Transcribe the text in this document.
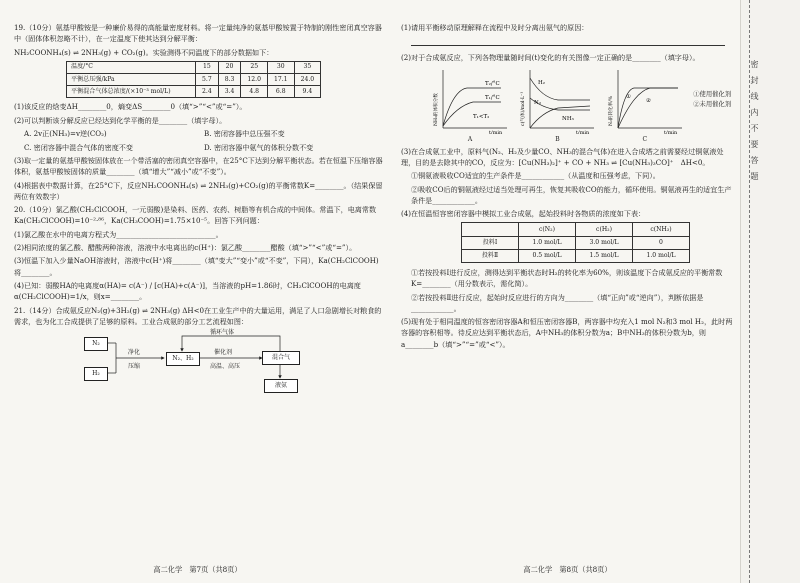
19.（10分）氨基甲酸铵是一种廉价易得的高能量密度材料。将一定量纯净的氨基甲酸铵置于特制的刚性密闭真空容器中（固体体积忽略不计），在一定温度下使其达到分解平衡：

NH₂COONH₄(s) ⇌ 2NH₃(g) + CO₂(g)。实验测得不同温度下的部分数据如下：

温度/°C	15	20	25	30	35
平衡总压强/kPa	5.7	8.3	12.0	17.1	24.0
平衡混合气体总浓度/(×10⁻³ mol/L)	2.4	3.4	4.8	6.8	9.4

(1)该反应的焓变ΔH________0，熵变ΔS________0（填“>”“<”或“=”）。

(2)可以判断该分解反应已经达到化学平衡的是________（填字母）。

A. 2v正(NH₃)=v逆(CO₂)	B. 密闭容器中总压强不变

C. 密闭容器中混合气体的密度不变	D. 密闭容器中氨气的体积分数不变

(3)取一定量的氨基甲酸铵固体放在一个带活塞的密闭真空容器中，在25°C下达到分解平衡状态。若在恒温下压缩容器体积，氨基甲酸铵固体的质量________（填“增大”“减小”或“不变”）。

(4)根据表中数据计算，在25°C下，反应NH₂COONH₄(s) ⇌ 2NH₃(g)+CO₂(g)的平衡常数K=________。（结果保留两位有效数字）

20.（10分）氯乙酸(CH₂ClCOOH，一元弱酸)是染料、医药、农药、树脂等有机合成的中间体。常温下，电离常数Ka(CH₂ClCOOH)=10⁻²·⁸⁶，Ka(CH₃COOH)=1.75×10⁻⁵。回答下列问题：

(1)氯乙酸在水中的电离方程式为____________________________。

(2)相同浓度的氯乙酸、醋酸两种溶液，溶液中水电离出的c(H⁺)：氯乙酸________醋酸（填“>”“<”或“=”）。

(3)恒温下加入少量NaOH溶液时，溶液中c(H⁺)将________（填“变大”“变小”或“不变”，下同），Ka(CH₂ClCOOH)将________。

(4)已知：弱酸HA的电离度α(HA)= c(A⁻) / [c(HA)+c(A⁻)]，当溶液的pH=1.86时，CH₂ClCOOH的电离度α(CH₂ClCOOH)=1/x，则x=________。

21.（14分）合成氨反应N₂(g)+3H₂(g) ⇌ 2NH₃(g) ΔH<0在工业生产中的大量运用，满足了人口急剧增长对粮食的需求，也为化工合成提供了足够的原料。工业合成氨的部分工艺流程如图：

N₂
H₂
净化
压缩
N₂、H₂
循环气体
催化剂
高温、高压
混合气
液氨
高二化学　第7页（共8页）

(1)请用平衡移动原理解释在流程中及时分离出氨气的原因：

(2)对于合成氨反应，下列各物理量随时间(t)变化的有关图像一定正确的是________（填字母）。

T₂/°C
T₁/°C
T₁<T₂
t/min
NH₃的体积分数
A
H₂
N₂
NH₃
t/min
c(气体)/mol·L⁻¹
B
①
②
t/min
N₂的转化率/%
C
①使用催化剂
②未用催化剂

(3)在合成氨工业中，原料气(N₂、H₂及少量CO、NH₃的混合气体)在进入合成塔之前需要经过铜氨液处理，目的是去除其中的CO，反应为：[Cu(NH₃)₂]⁺ + CO + NH₃ ⇌ [Cu(NH₃)₃CO]⁺　ΔH<0。

①铜氨液吸收CO适宜的生产条件是____________（从温度和压强考虑，下同）。

②吸收CO后的铜氨液经过适当处理可再生，恢复其吸收CO的能力，循环使用。铜氨液再生的适宜生产条件是____________。

(4)在恒温恒容密闭容器中模拟工业合成氨，起始投料时各物质的浓度如下表：

	c(N₂)	c(H₂)	c(NH₃)
投料Ⅰ	1.0 mol/L	3.0 mol/L	0
投料Ⅱ	0.5 mol/L	1.5 mol/L	1.0 mol/L

①若按投料Ⅰ进行反应，测得达到平衡状态时H₂的转化率为60%，则该温度下合成氨反应的平衡常数K=________（用分数表示，需化简）。

②若按投料Ⅱ进行反应，起始时反应进行的方向为________（填“正向”或“逆向”），判断依据是____________。

(5)现有处于相同温度的恒容密闭容器A和恒压密闭容器B，两容器中均充入1 mol N₂和3 mol H₂，此时两容器的容积相等。待反应达到平衡状态后，A中NH₃的体积分数为a；B中NH₃的体积分数为b，则a________b（填“>”“=”或“<”）。

高二化学　第8页（共8页）
密　封　线　内　不　要　答　题
